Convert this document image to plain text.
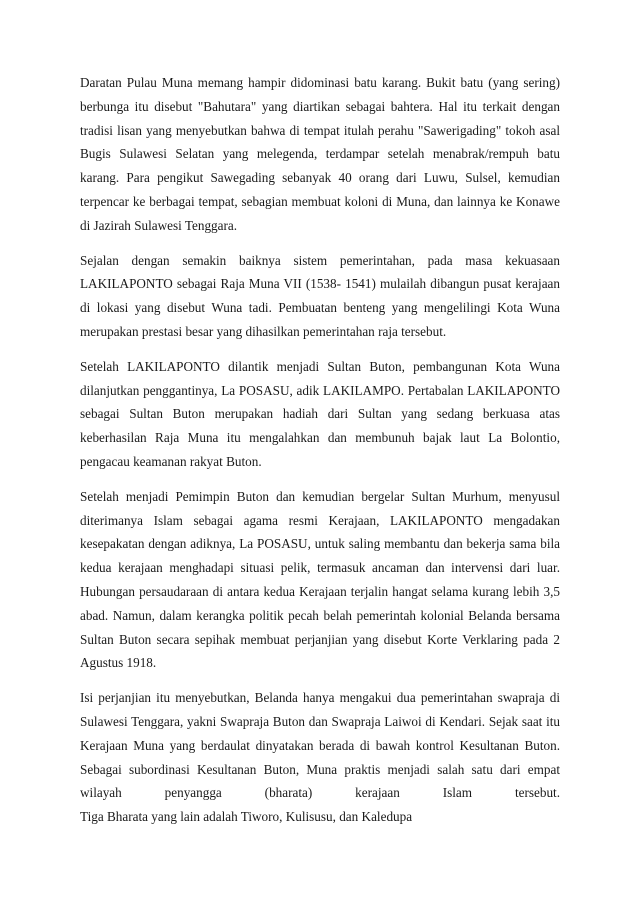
Daratan Pulau Muna memang hampir didominasi batu karang. Bukit batu (yang sering) berbunga itu disebut "Bahutara" yang diartikan sebagai bahtera. Hal itu terkait dengan tradisi lisan yang menyebutkan bahwa di tempat itulah perahu "Sawerigading" tokoh asal Bugis Sulawesi Selatan yang melegenda, terdampar setelah menabrak/rempuh batu karang. Para pengikut Sawegading sebanyak 40 orang dari Luwu, Sulsel, kemudian terpencar ke berbagai tempat, sebagian membuat koloni di Muna, dan lainnya ke Konawe di Jazirah Sulawesi Tenggara.

Sejalan dengan semakin baiknya sistem pemerintahan, pada masa kekuasaan LAKILAPONTO sebagai Raja Muna VII (1538- 1541) mulailah dibangun pusat kerajaan di lokasi yang disebut Wuna tadi. Pembuatan benteng yang mengelilingi Kota Wuna merupakan prestasi besar yang dihasilkan pemerintahan raja tersebut.

Setelah LAKILAPONTO dilantik menjadi Sultan Buton, pembangunan Kota Wuna dilanjutkan penggantinya, La POSASU, adik LAKILAMPO. Pertabalan LAKILAPONTO sebagai Sultan Buton merupakan hadiah dari Sultan yang sedang berkuasa atas keberhasilan Raja Muna itu mengalahkan dan membunuh bajak laut La Bolontio, pengacau keamanan rakyat Buton.

Setelah menjadi Pemimpin Buton dan kemudian bergelar Sultan Murhum, menyusul diterimanya Islam sebagai agama resmi Kerajaan, LAKILAPONTO mengadakan kesepakatan dengan adiknya, La POSASU, untuk saling membantu dan bekerja sama bila kedua kerajaan menghadapi situasi pelik, termasuk ancaman dan intervensi dari luar. Hubungan persaudaraan di antara kedua Kerajaan terjalin hangat selama kurang lebih 3,5 abad. Namun, dalam kerangka politik pecah belah pemerintah kolonial Belanda bersama Sultan Buton secara sepihak membuat perjanjian yang disebut Korte Verklaring pada 2 Agustus 1918.

Isi perjanjian itu menyebutkan, Belanda hanya mengakui dua pemerintahan swapraja di Sulawesi Tenggara, yakni Swapraja Buton dan Swapraja Laiwoi di Kendari. Sejak saat itu Kerajaan Muna yang berdaulat dinyatakan berada di bawah kontrol Kesultanan Buton. Sebagai subordinasi Kesultanan Buton, Muna praktis menjadi salah satu dari empat wilayah penyangga (bharata) kerajaan Islam tersebut.

Tiga Bharata yang lain adalah Tiworo, Kulisusu, dan Kaledupa
